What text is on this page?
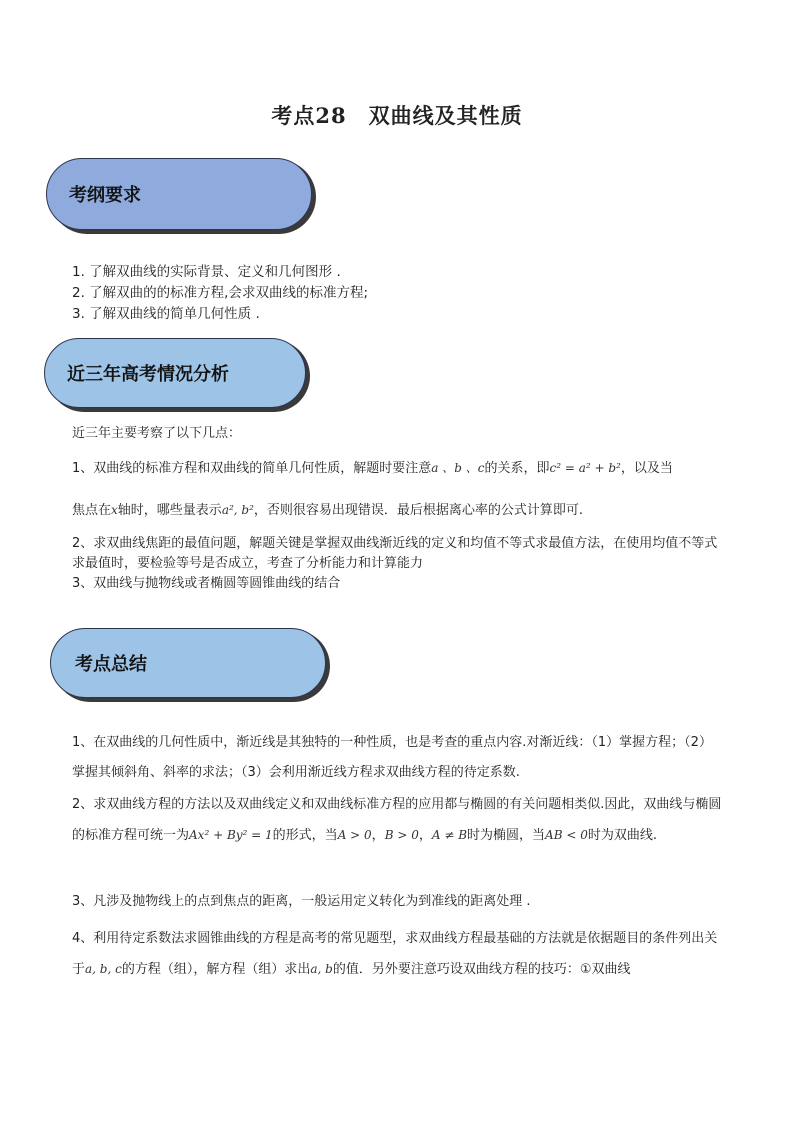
考点28　双曲线及其性质
考纲要求
1. 了解双曲线的实际背景、定义和几何图形 .
2. 了解双曲的的标准方程,会求双曲线的标准方程;
3. 了解双曲线的简单几何性质 .
近三年高考情况分析
近三年主要考察了以下几点：
1、双曲线的标准方程和双曲线的简单几何性质，解题时要注意a 、b 、c的关系，即c² = a² + b²，以及当
焦点在x轴时，哪些量表示a², b²，否则很容易出现错误．最后根据离心率的公式计算即可.
2、求双曲线焦距的最值问题，解题关键是掌握双曲线渐近线的定义和均值不等式求最值方法，在使用均值不等式求最值时，要检验等号是否成立，考查了分析能力和计算能力
3、双曲线与抛物线或者椭圆等圆锥曲线的结合
考点总结
1、在双曲线的几何性质中，渐近线是其独特的一种性质，也是考查的重点内容.对渐近线：（1）掌握方程；（2）掌握其倾斜角、斜率的求法；（3）会利用渐近线方程求双曲线方程的待定系数.
2、求双曲线方程的方法以及双曲线定义和双曲线标准方程的应用都与椭圆的有关问题相类似.因此，双曲线与椭圆的标准方程可统一为Ax² + By² = 1的形式，当A > 0，B > 0，A ≠ B时为椭圆，当AB < 0时为双曲线.
3、凡涉及抛物线上的点到焦点的距离，一般运用定义转化为到准线的距离处理 .
4、利用待定系数法求圆锥曲线的方程是高考的常见题型，求双曲线方程最基础的方法就是依据题目的条件列出关于a, b, c的方程（组），解方程（组）求出a, b的值．另外要注意巧设双曲线方程的技巧：①双曲线
